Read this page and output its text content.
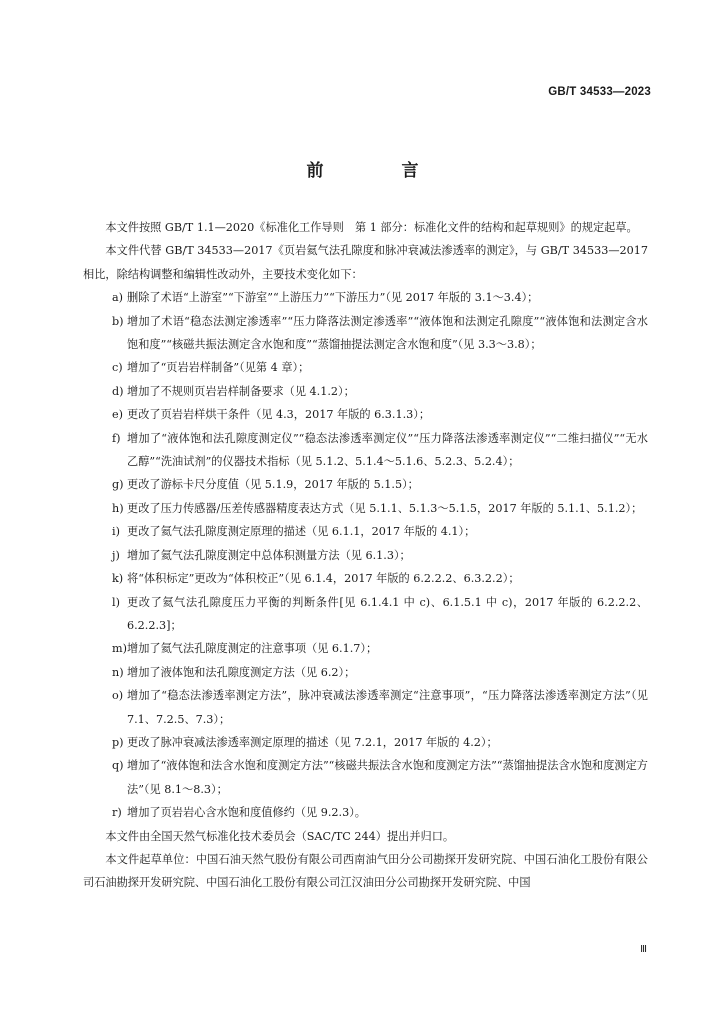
GB/T 34533—2023
前 言

本文件按照 GB/T 1.1—2020《标准化工作导则　第 1 部分：标准化文件的结构和起草规则》的规定起草。

本文件代替 GB/T 34533—2017《页岩氦气法孔隙度和脉冲衰减法渗透率的测定》，与 GB/T 34533—2017 相比，除结构调整和编辑性改动外，主要技术变化如下：

a) 删除了术语“上游室”“下游室”“上游压力”“下游压力”（见 2017 年版的 3.1～3.4）；
b) 增加了术语“稳态法测定渗透率”“压力降落法测定渗透率”“液体饱和法测定孔隙度”“液体饱和法测定含水饱和度”“核磁共振法测定含水饱和度”“蒸馏抽提法测定含水饱和度”（见 3.3～3.8）；
c) 增加了“页岩岩样制备”（见第 4 章）；
d) 增加了不规则页岩岩样制备要求（见 4.1.2）；
e) 更改了页岩岩样烘干条件（见 4.3，2017 年版的 6.3.1.3）；
f) 增加了“液体饱和法孔隙度测定仪”“稳态法渗透率测定仪”“压力降落法渗透率测定仪”“二维扫描仪”“无水乙醇”“洗油试剂”的仪器技术指标（见 5.1.2、5.1.4～5.1.6、5.2.3、5.2.4）；
g) 更改了游标卡尺分度值（见 5.1.9，2017 年版的 5.1.5）；
h) 更改了压力传感器/压差传感器精度表达方式（见 5.1.1、5.1.3～5.1.5，2017 年版的 5.1.1、5.1.2）；
i) 更改了氦气法孔隙度测定原理的描述（见 6.1.1，2017 年版的 4.1）；
j) 增加了氦气法孔隙度测定中总体积测量方法（见 6.1.3）；
k) 将“体积标定”更改为“体积校正”（见 6.1.4，2017 年版的 6.2.2.2、6.3.2.2）；
l) 更改了氦气法孔隙度压力平衡的判断条件[见 6.1.4.1 中 c)、6.1.5.1 中 c)，2017 年版的 6.2.2.2、6.2.2.3]；
m) 增加了氦气法孔隙度测定的注意事项（见 6.1.7）；
n) 增加了液体饱和法孔隙度测定方法（见 6.2）；
o) 增加了“稳态法渗透率测定方法”，脉冲衰减法渗透率测定“注意事项”，“压力降落法渗透率测定方法”（见 7.1、7.2.5、7.3）；
p) 更改了脉冲衰减法渗透率测定原理的描述（见 7.2.1，2017 年版的 4.2）；
q) 增加了“液体饱和法含水饱和度测定方法”“核磁共振法含水饱和度测定方法”“蒸馏抽提法含水饱和度测定方法”（见 8.1～8.3）；
r) 增加了页岩岩心含水饱和度值修约（见 9.2.3）。

本文件由全国天然气标准化技术委员会（SAC/TC 244）提出并归口。

本文件起草单位：中国石油天然气股份有限公司西南油气田分公司勘探开发研究院、中国石油化工股份有限公司石油勘探开发研究院、中国石油化工股份有限公司江汉油田分公司勘探开发研究院、中国

Ⅲ
